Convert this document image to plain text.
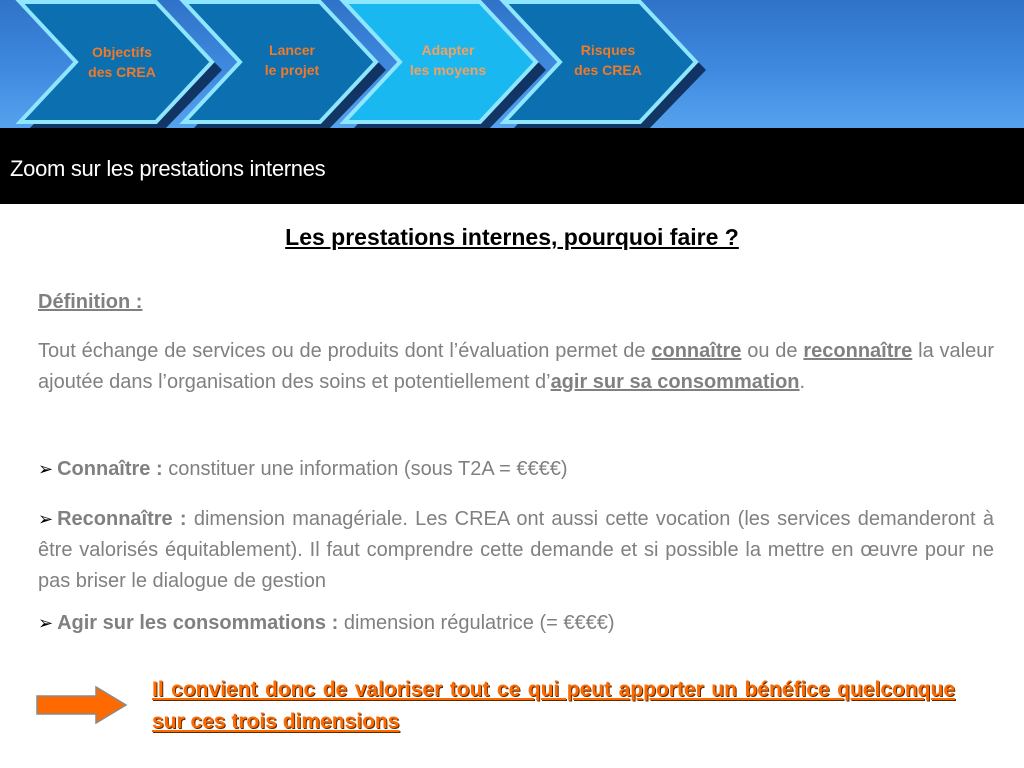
Objectifs
des CREA
Lancer
le projet
Adapter
les moyens
Risques
des CREA
Zoom sur les prestations internes
Les prestations internes, pourquoi faire ?
Définition :
Tout échange de services ou de produits dont l’évaluation permet de connaître ou de reconnaître la valeur ajoutée dans l’organisation des soins et potentiellement d’agir sur sa consommation.
➢ Connaître : constituer une information (sous T2A = €€€€)
➢ Reconnaître : dimension managériale. Les CREA ont aussi cette vocation (les services demanderont à être valorisés équitablement). Il faut comprendre cette demande et si possible la mettre en œuvre pour ne pas briser le dialogue de gestion
➢ Agir sur les consommations : dimension régulatrice (= €€€€)
Il convient donc de valoriser tout ce qui peut apporter un bénéfice quelconque sur ces trois dimensions
